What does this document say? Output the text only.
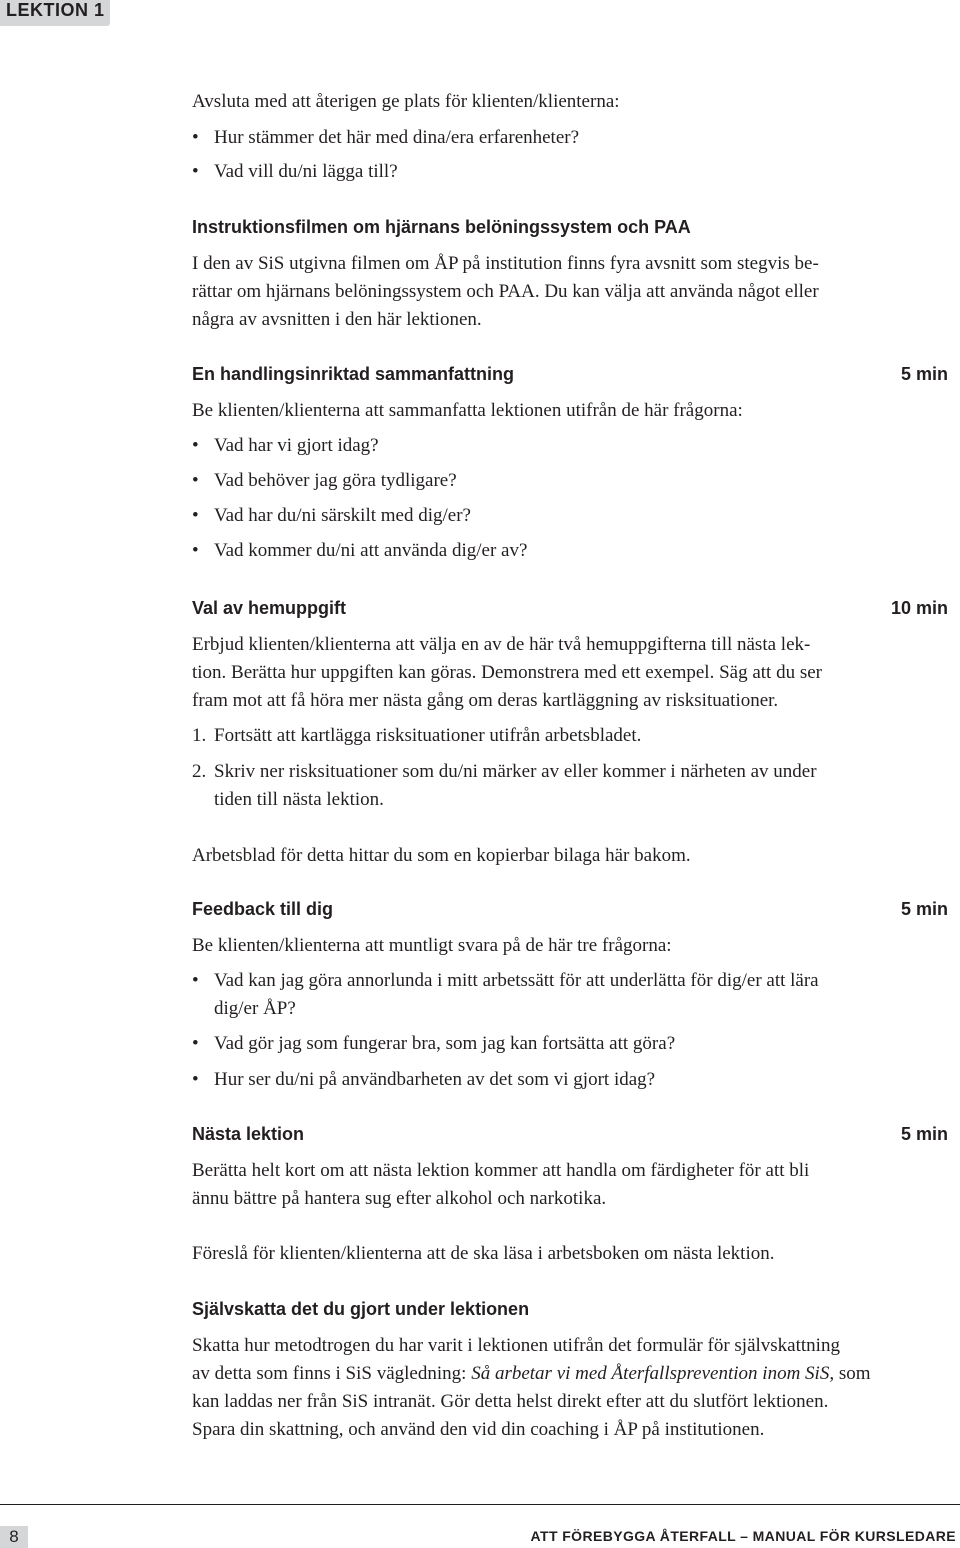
LEKTION 1

Avsluta med att återigen ge plats för klienten/klienterna:

• Hur stämmer det här med dina/era erfarenheter?
• Vad vill du/ni lägga till?
Instruktionsfilmen om hjärnans belöningssystem och PAA

I den av SiS utgivna filmen om ÅP på institution finns fyra avsnitt som stegvis be-

rättar om hjärnans belöningssystem och PAA. Du kan välja att använda något eller

några av avsnitten i den här lektionen.

En handlingsinriktad sammanfattning	5 min

Be klienten/klienterna att sammanfatta lektionen utifrån de här frågorna:

• Vad har vi gjort idag?
• Vad behöver jag göra tydligare?
• Vad har du/ni särskilt med dig/er?
• Vad kommer du/ni att använda dig/er av?
Val av hemuppgift	10 min

Erbjud klienten/klienterna att välja en av de här två hemuppgifterna till nästa lek-

tion. Berätta hur uppgiften kan göras. Demonstrera med ett exempel. Säg att du ser

fram mot att få höra mer nästa gång om deras kartläggning av risksituationer.

1. Fortsätt att kartlägga risksituationer utifrån arbetsbladet.
2. Skriv ner risksituationer som du/ni märker av eller kommer i närheten av under
tiden till nästa lektion.

Arbetsblad för detta hittar du som en kopierbar bilaga här bakom.

Feedback till dig	5 min

Be klienten/klienterna att muntligt svara på de här tre frågorna:

• Vad kan jag göra annorlunda i mitt arbetssätt för att underlätta för dig/er att lära
dig/er ÅP?
• Vad gör jag som fungerar bra, som jag kan fortsätta att göra?
• Hur ser du/ni på användbarheten av det som vi gjort idag?
Nästa lektion	5 min

Berätta helt kort om att nästa lektion kommer att handla om färdigheter för att bli

ännu bättre på hantera sug efter alkohol och narkotika.

Föreslå för klienten/klienterna att de ska läsa i arbetsboken om nästa lektion.

Självskatta det du gjort under lektionen

Skatta hur metodtrogen du har varit i lektionen utifrån det formulär för självskattning

av detta som finns i SiS vägledning: Så arbetar vi med Återfallsprevention inom SiS, som

kan laddas ner från SiS intranät. Gör detta helst direkt efter att du slutfört lektionen.

Spara din skattning, och använd den vid din coaching i ÅP på institutionen.

8	ATT FÖREBYGGA ÅTERFALL – MANUAL FÖR KURSLEDARE
